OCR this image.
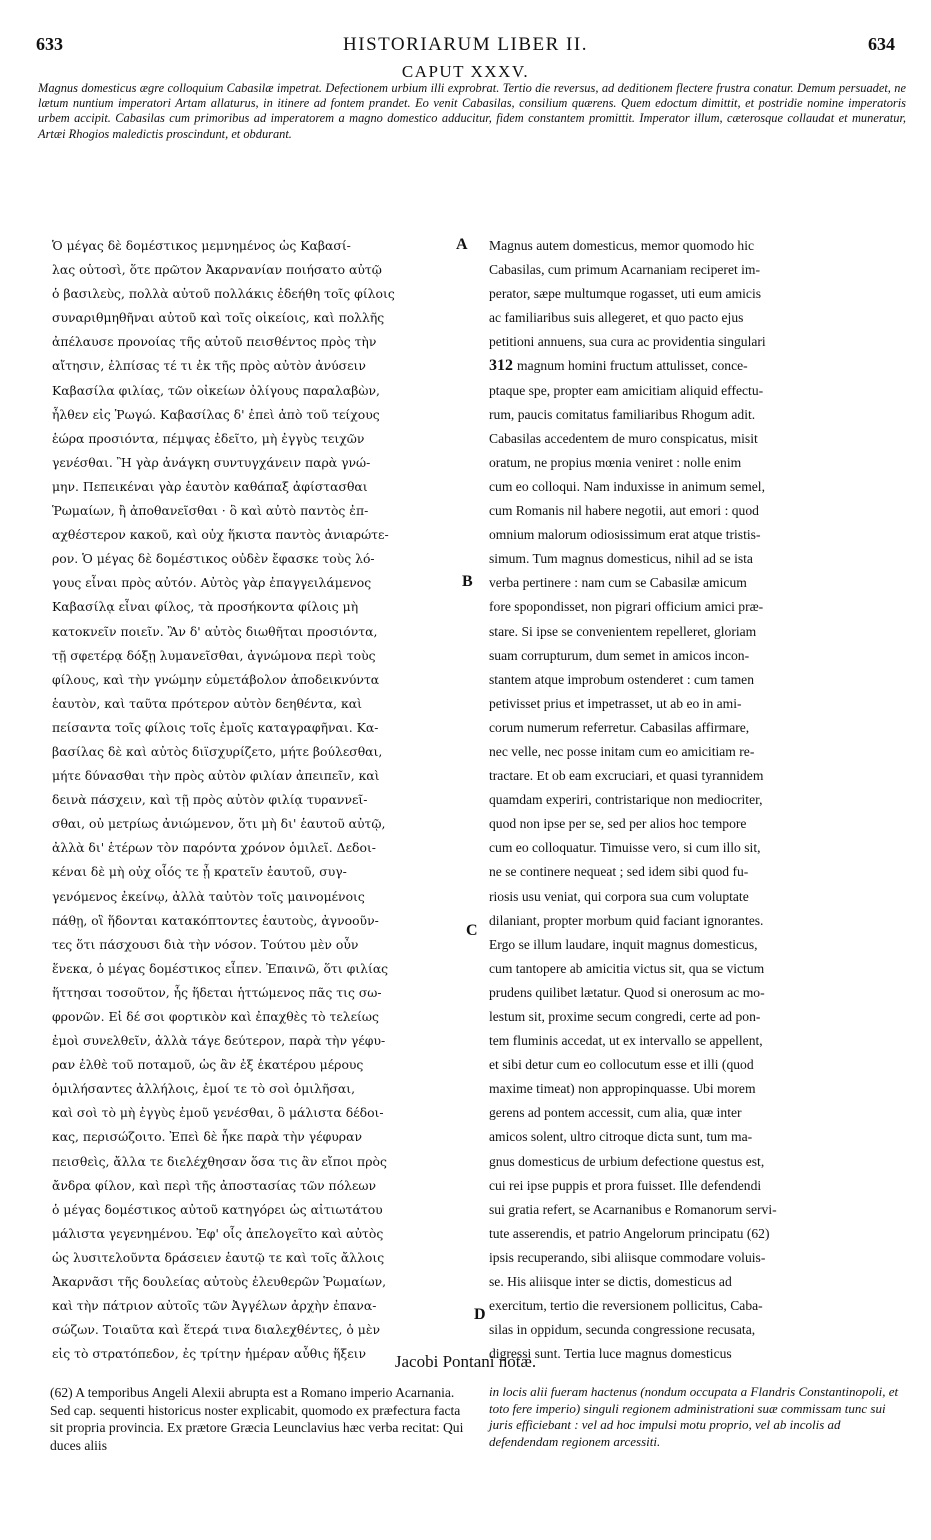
633	HISTORIARUM LIBER II.	634
CAPUT XXXV.
Magnus domesticus ægre colloquium Cabasilæ impetrat. Defectionem urbium illi exprobrat. Tertio die reversus, ad deditionem flectere frustra conatur. Demum persuadet, ne lætum nuntium imperatori Artam allaturus, in itinere ad fontem prandet. Eo venit Cabasilas, consilium quærens. Quem edoctum dimittit, et postridie nomine imperatoris urbem accipit. Cabasilas cum primoribus ad imperatorem a magno domestico adducitur, fidem constantem promittit. Imperator illum, cæterosque collaudat et muneratur, Artæi Rhogios maledictis proscindunt, et obdurant.
Ὁ μέγας δὲ δομέστικος μεμνημένος ὡς Καβασί-
λας οὑτοσὶ, ὅτε πρῶτον Ἀκαρνανίαν ποιήσατο αὐτῷ
ὁ βασιλεὺς, πολλὰ αὐτοῦ πολλάκις ἐδεήθη τοῖς φίλοις
συναριθμηθῆναι αὐτοῦ καὶ τοῖς οἰκείοις, καὶ πολλῆς
ἀπέλαυσε προνοίας τῆς αὐτοῦ πεισθέντος πρὸς τὴν
αἴτησιν, ἐλπίσας τέ τι ἐκ τῆς πρὸς αὐτὸν ἀνύσειν
Καβασίλα φιλίας, τῶν οἰκείων ὀλίγους παραλαβὼν,
ἦλθεν εἰς Ῥωγώ. Καβασίλας δ' ἐπεὶ ἀπὸ τοῦ τείχους
ἑώρα προσιόντα, πέμψας ἐδεῖτο, μὴ ἐγγὺς τειχῶν
γενέσθαι. Ἢ γὰρ ἀνάγκη συντυγχάνειν παρὰ γνώ-
μην. Πεπεικέναι γὰρ ἑαυτὸν καθάπαξ ἀφίστασθαι
Ῥωμαίων, ἢ ἀποθανεῖσθαι · ὃ καὶ αὐτὸ παντὸς ἐπ-
αχθέστερον κακοῦ, καὶ οὐχ ἥκιστα παντὸς ἀνιαρώτε-
ρον. Ὁ μέγας δὲ δομέστικος οὐδὲν ἔφασκε τοὺς λό-
γους εἶναι πρὸς αὐτόν. Αὐτὸς γὰρ ἐπαγγειλάμενος
Καβασίλᾳ εἶναι φίλος, τὰ προσήκοντα φίλοις μὴ
κατοκνεῖν ποιεῖν. Ἂν δ' αὐτὸς διωθῆται προσιόντα,
τῇ σφετέρᾳ δόξῃ λυμανεῖσθαι, ἀγνώμονα περὶ τοὺς
φίλους, καὶ τὴν γνώμην εὐμετάβολον ἀποδεικνύντα
ἑαυτὸν, καὶ ταῦτα πρότερον αὐτὸν δεηθέντα, καὶ
πείσαντα τοῖς φίλοις τοῖς ἐμοῖς καταγραφῆναι. Κα-
βασίλας δὲ καὶ αὐτὸς διϊσχυρίζετο, μήτε βούλεσθαι,
μήτε δύνασθαι τὴν πρὸς αὐτὸν φιλίαν ἀπειπεῖν, καὶ
δεινὰ πάσχειν, καὶ τῇ πρὸς αὐτὸν φιλίᾳ τυραννεῖ-
σθαι, οὐ μετρίως ἀνιώμενον, ὅτι μὴ δι' ἑαυτοῦ αὐτῷ,
ἀλλὰ δι' ἑτέρων τὸν παρόντα χρόνον ὁμιλεῖ. Δεδοι-
κέναι δὲ μὴ οὐχ οἷός τε ᾖ κρατεῖν ἑαυτοῦ, συγ-
γενόμενος ἐκείνῳ, ἀλλὰ ταὐτὸν τοῖς μαινομένοις
πάθῃ, οἳ ἥδονται κατακόπτοντες ἑαυτοὺς, ἀγνοοῦν-
τες ὅτι πάσχουσι διὰ τὴν νόσον. Τούτου μὲν οὖν
ἕνεκα, ὁ μέγας δομέστικος εἶπεν. Ἐπαινῶ, ὅτι φιλίας
ἥττησαι τοσοῦτον, ἧς ἥδεται ἡττώμενος πᾶς τις σω-
φρονῶν. Εἰ δέ σοι φορτικὸν καὶ ἐπαχθὲς τὸ τελείως
ἐμοὶ συνελθεῖν, ἀλλὰ τάγε δεύτερον, παρὰ τὴν γέφυ-
ραν ἐλθὲ τοῦ ποταμοῦ, ὡς ἂν ἐξ ἑκατέρου μέρους
ὁμιλήσαντες ἀλλήλοις, ἐμοί τε τὸ σοὶ ὁμιλῆσαι,
καὶ σοὶ τὸ μὴ ἐγγὺς ἐμοῦ γενέσθαι, ὃ μάλιστα δέδοι-
κας, περισώζοιτο. Ἐπεὶ δὲ ἧκε παρὰ τὴν γέφυραν
πεισθεὶς, ἄλλα τε διελέχθησαν ὅσα τις ἂν εἴποι πρὸς
ἄνδρα φίλον, καὶ περὶ τῆς ἀποστασίας τῶν πόλεων
ὁ μέγας δομέστικος αὐτοῦ κατηγόρει ὡς αἰτιωτάτου
μάλιστα γεγενημένου. Ἐφ' οἷς ἀπελογεῖτο καὶ αὐτὸς
ὡς λυσιτελοῦντα δράσειεν ἑαυτῷ τε καὶ τοῖς ἄλλοις
Ἀκαρνᾶσι τῆς δουλείας αὐτοὺς ἐλευθερῶν Ῥωμαίων,
καὶ τὴν πάτριον αὐτοῖς τῶν Ἀγγέλων ἀρχὴν ἐπανα-
σώζων. Τοιαῦτα καὶ ἕτερά τινα διαλεχθέντες, ὁ μὲν
εἰς τὸ στρατόπεδον, ἐς τρίτην ἡμέραν αὖθις ἥξειν
Magnus autem domesticus, memor quomodo hic
Cabasilas, cum primum Acarnaniam reciperet im-
perator, sæpe multumque rogasset, uti eum amicis
ac familiaribus suis allegeret, et quo pacto ejus
petitioni annuens, sua cura ac providentia singulari
312 magnum homini fructum attulisset, conce-
ptaque spe, propter eam amicitiam aliquid effectu-
rum, paucis comitatus familiaribus Rhogum adit.
Cabasilas accedentem de muro conspicatus, misit
oratum, ne propius mœnia veniret : nolle enim
cum eo colloqui. Nam induxisse in animum semel,
cum Romanis nil habere negotii, aut emori : quod
omnium malorum odiosissimum erat atque tristis-
simum. Tum magnus domesticus, nihil ad se ista
verba pertinere : nam cum se Cabasilæ amicum
fore spopondisset, non pigrari officium amici præ-
stare. Si ipse se convenientem repelleret, gloriam
suam corrupturum, dum semet in amicos incon-
stantem atque improbum ostenderet : cum tamen
petivisset prius et impetrasset, ut ab eo in ami-
corum numerum referretur. Cabasilas affirmare,
nec velle, nec posse initam cum eo amicitiam re-
tractare. Et ob eam excruciari, et quasi tyrannidem
quamdam experiri, contristarique non mediocriter,
quod non ipse per se, sed per alios hoc tempore
cum eo colloquatur. Timuisse vero, si cum illo sit,
ne se continere nequeat ; sed idem sibi quod fu-
riosis usu veniat, qui corpora sua cum voluptate
dilaniant, propter morbum quid faciant ignorantes.
Ergo se illum laudare, inquit magnus domesticus,
cum tantopere ab amicitia victus sit, qua se victum
prudens quilibet lætatur. Quod si onerosum ac mo-
lestum sit, proxime secum congredi, certe ad pon-
tem fluminis accedat, ut ex intervallo se appellent,
et sibi detur cum eo collocutum esse et illi (quod
maxime timeat) non appropinquasse. Ubi morem
gerens ad pontem accessit, cum alia, quæ inter
amicos solent, ultro citroque dicta sunt, tum ma-
gnus domesticus de urbium defectione questus est,
cui rei ipse puppis et prora fuisset. Ille defendendi
sui gratia refert, se Acarnanibus e Romanorum servi-
tute asserendis, et patrio Angelorum principatu (62)
ipsis recuperando, sibi aliisque commodare voluis-
se. His aliisque inter se dictis, domesticus ad
exercitum, tertio die reversionem pollicitus, Caba-
silas in oppidum, secunda congressione recusata,
digressi sunt. Tertia luce magnus domesticus
A
B
C
D
Jacobi Pontani notæ.
(62) A temporibus Angeli Alexii abrupta est a Romano imperio Acarnania. Sed cap. sequenti historicus noster explicabit, quomodo ex præfectura facta sit propria provincia. Ex prætore Græcia Leunclavius hæc verba recitat: Qui duces aliis
in locis alii fueram hactenus (nondum occupata a Flandris Constantinopoli, et toto fere imperio) singuli regionem administrationi suæ commissam tunc sui juris efficiebant : vel ad hoc impulsi motu proprio, vel ab incolis ad defendendam regionem arcessiti.
